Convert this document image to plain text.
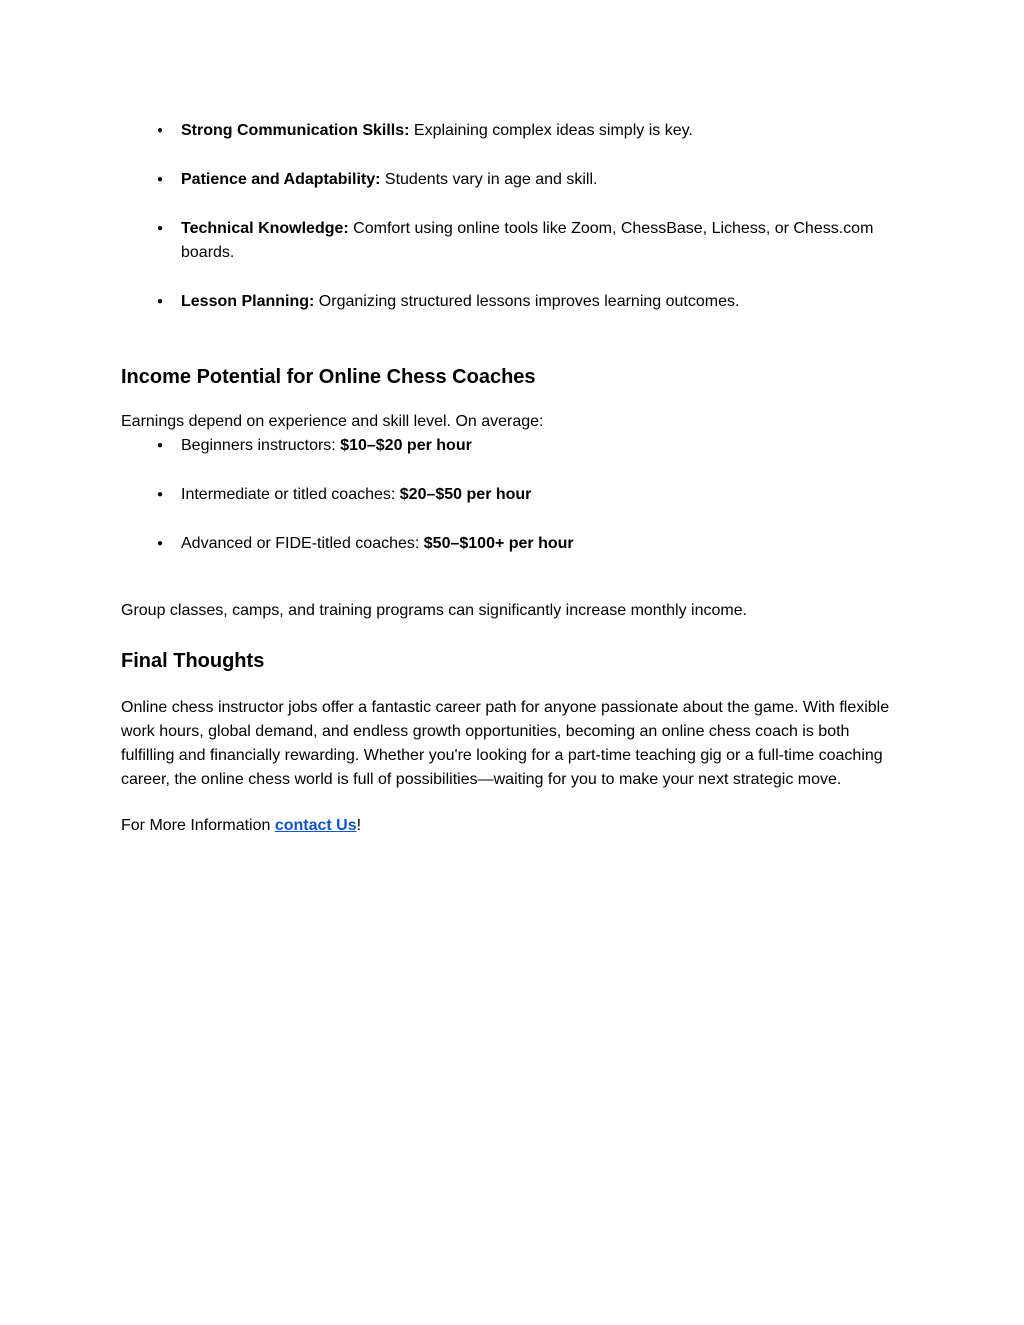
● Strong Communication Skills: Explaining complex ideas simply is key.
● Patience and Adaptability: Students vary in age and skill.
● Technical Knowledge: Comfort using online tools like Zoom, ChessBase, Lichess, or Chess.com boards.
● Lesson Planning: Organizing structured lessons improves learning outcomes.
Income Potential for Online Chess Coaches

Earnings depend on experience and skill level. On average:

● Beginners instructors: $10–$20 per hour
● Intermediate or titled coaches: $20–$50 per hour
● Advanced or FIDE-titled coaches: $50–$100+ per hour

Group classes, camps, and training programs can significantly increase monthly income.

Final Thoughts

Online chess instructor jobs offer a fantastic career path for anyone passionate about the game. With flexible work hours, global demand, and endless growth opportunities, becoming an online chess coach is both fulfilling and financially rewarding. Whether you're looking for a part-time teaching gig or a full-time coaching career, the online chess world is full of possibilities—waiting for you to make your next strategic move.

For More Information contact Us!
